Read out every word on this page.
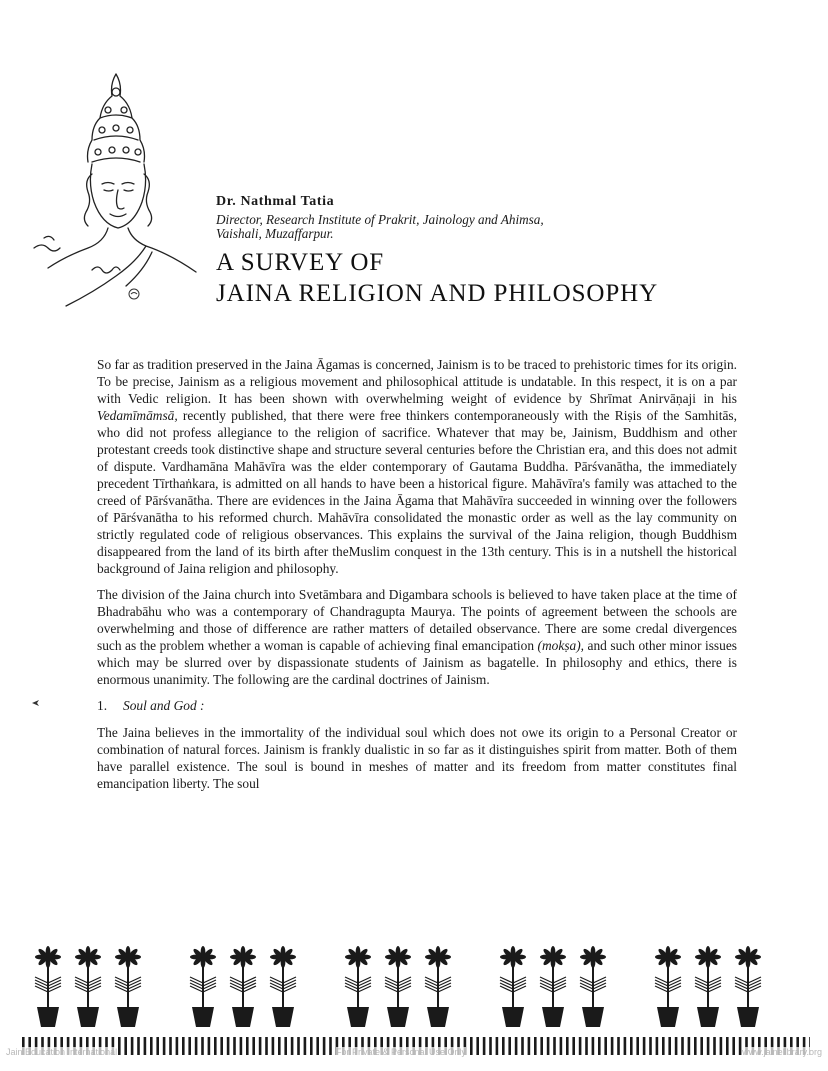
Dr. Nathmal Tatia
Director, Research Institute of Prakrit, Jainology and Ahimsa,
Vaishali, Muzaffarpur.
A SURVEY OF
JAINA RELIGION AND PHILOSOPHY

So far as tradition preserved in the Jaina Āgamas is concerned, Jainism is to be traced to prehistoric times for its origin. To be precise, Jainism as a religious movement and philosophical attitude is undatable. In this respect, it is on a par with Vedic religion. It has been shown with overwhelming weight of evidence by Shrīmat Anirvāṇaji in his Vedamīmāmsā, recently published, that there were free thinkers contemporaneously with the Riṣis of the Samhitās, who did not profess allegiance to the religion of sacrifice. Whatever that may be, Jainism, Buddhism and other protestant creeds took distinctive shape and structure several centuries before the Christian era, and this does not admit of dispute. Vardhamāna Mahāvīra was the elder contemporary of Gautama Buddha. Pārśvanātha, the immediately precedent Tīrthaṅkara, is admitted on all hands to have been a historical figure. Mahāvīra's family was attached to the creed of Pārśvanātha. There are evidences in the Jaina Āgama that Mahāvīra succeeded in winning over the followers of Pārśvanātha to his reformed church. Mahāvīra consolidated the monastic order as well as the lay community on strictly regulated code of religious observances. This explains the survival of the Jaina religion, though Buddhism disappeared from the land of its birth after theMuslim conquest in the 13th century. This is in a nutshell the historical background of Jaina religion and philosophy.

The division of the Jaina church into Svetāmbara and Digambara schools is believed to have taken place at the time of Bhadrabāhu who was a contemporary of Chandragupta Maurya. The points of agreement between the schools are overwhelming and those of difference are rather matters of detailed observance. There are some credal divergences such as the problem whether a woman is capable of achieving final emancipation (mokṣa), and such other minor issues which may be slurred over by dispassionate students of Jainism as bagatelle. In philosophy and ethics, there is enormous unanimity. The following are the cardinal doctrines of Jainism.

1. Soul and God :

The Jaina believes in the immortality of the individual soul which does not owe its origin to a Personal Creator or combination of natural forces. Jainism is frankly dualistic in so far as it distinguishes spirit from matter. Both of them have parallel existence. The soul is bound in meshes of matter and its freedom from matter constitutes final emancipation liberty. The soul

Jain Education International	For Private & Personal Use Only	www.jainelibrary.org
